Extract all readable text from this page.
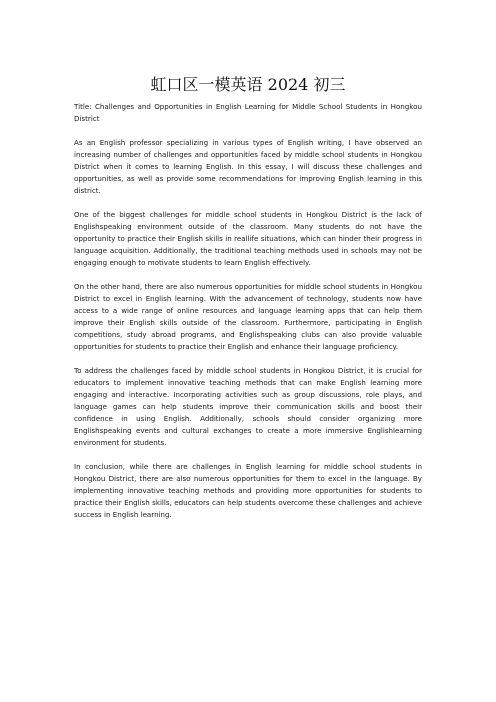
虹口区一模英语 2024 初三

Title: Challenges and Opportunities in English Learning for Middle School Students in Hongkou District

As an English professor specializing in various types of English writing, I have observed an increasing number of challenges and opportunities faced by middle school students in Hongkou District when it comes to learning English. In this essay, I will discuss these challenges and opportunities, as well as provide some recommendations for improving English learning in this district.

One of the biggest challenges for middle school students in Hongkou District is the lack of Englishspeaking environment outside of the classroom. Many students do not have the opportunity to practice their English skills in reallife situations, which can hinder their progress in language acquisition. Additionally, the traditional teaching methods used in schools may not be engaging enough to motivate students to learn English effectively.

On the other hand, there are also numerous opportunities for middle school students in Hongkou District to excel in English learning. With the advancement of technology, students now have access to a wide range of online resources and language learning apps that can help them improve their English skills outside of the classroom. Furthermore, participating in English competitions, study abroad programs, and Englishspeaking clubs can also provide valuable opportunities for students to practice their English and enhance their language proficiency.

To address the challenges faced by middle school students in Hongkou District, it is crucial for educators to implement innovative teaching methods that can make English learning more engaging and interactive. Incorporating activities such as group discussions, role plays, and language games can help students improve their communication skills and boost their confidence in using English. Additionally, schools should consider organizing more Englishspeaking events and cultural exchanges to create a more immersive Englishlearning environment for students.

In conclusion, while there are challenges in English learning for middle school students in Hongkou District, there are also numerous opportunities for them to excel in the language. By implementing innovative teaching methods and providing more opportunities for students to practice their English skills, educators can help students overcome these challenges and achieve success in English learning.
